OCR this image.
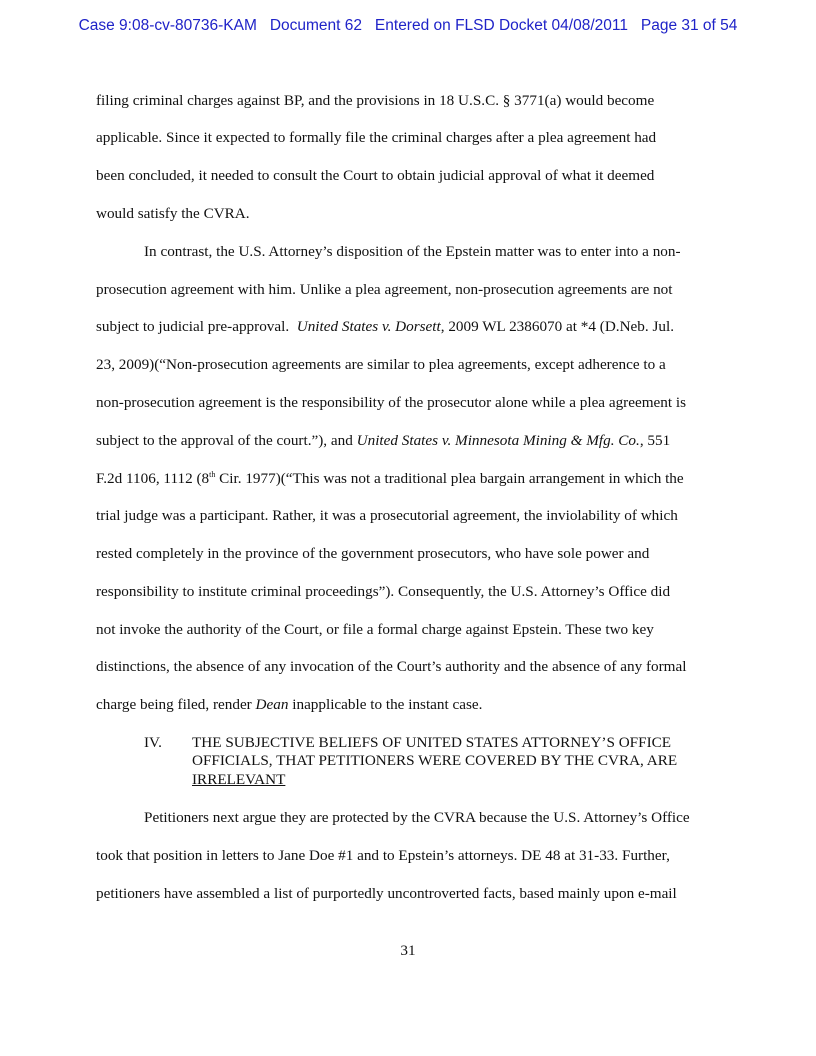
Case 9:08-cv-80736-KAM   Document 62   Entered on FLSD Docket 04/08/2011   Page 31 of 54
filing criminal charges against BP, and the provisions in 18 U.S.C. § 3771(a) would become
applicable. Since it expected to formally file the criminal charges after a plea agreement had
been concluded, it needed to consult the Court to obtain judicial approval of what it deemed
would satisfy the CVRA.
In contrast, the U.S. Attorney’s disposition of the Epstein matter was to enter into a non-
prosecution agreement with him. Unlike a plea agreement, non-prosecution agreements are not
subject to judicial pre-approval.  United States v. Dorsett, 2009 WL 2386070 at *4 (D.Neb. Jul.
23, 2009)(“Non-prosecution agreements are similar to plea agreements, except adherence to a
non-prosecution agreement is the responsibility of the prosecutor alone while a plea agreement is
subject to the approval of the court.”), and United States v. Minnesota Mining & Mfg. Co., 551
F.2d 1106, 1112 (8th Cir. 1977)(“This was not a traditional plea bargain arrangement in which the
trial judge was a participant. Rather, it was a prosecutorial agreement, the inviolability of which
rested completely in the province of the government prosecutors, who have sole power and
responsibility to institute criminal proceedings”). Consequently, the U.S. Attorney’s Office did
not invoke the authority of the Court, or file a formal charge against Epstein. These two key
distinctions, the absence of any invocation of the Court’s authority and the absence of any formal
charge being filed, render Dean inapplicable to the instant case.
IV. THE SUBJECTIVE BELIEFS OF UNITED STATES ATTORNEY’S OFFICE
OFFICIALS, THAT PETITIONERS WERE COVERED BY THE CVRA, ARE
IRRELEVANT
Petitioners next argue they are protected by the CVRA because the U.S. Attorney’s Office
took that position in letters to Jane Doe #1 and to Epstein’s attorneys. DE 48 at 31-33. Further,
petitioners have assembled a list of purportedly uncontroverted facts, based mainly upon e-mail
31
